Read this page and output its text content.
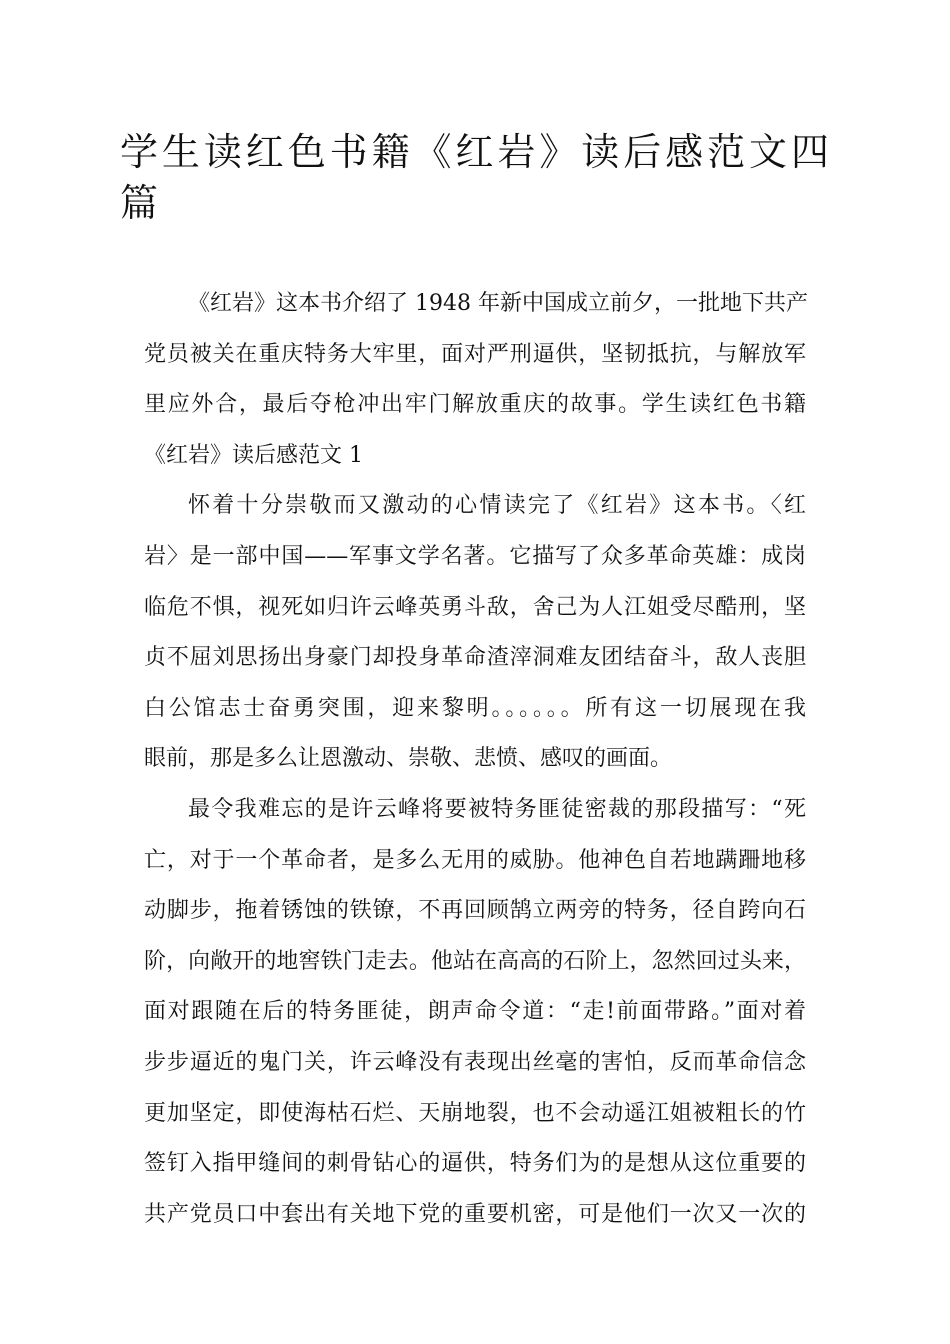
学生读红色书籍《红岩》读后感范文四
篇
《红岩》这本书介绍了 1948 年新中国成立前夕，一批地下共产
党员被关在重庆特务大牢里，面对严刑逼供，坚韧抵抗，与解放军
里应外合，最后夺枪冲出牢门解放重庆的故事。学生读红色书籍
《红岩》读后感范文 1
怀着十分崇敬而又激动的心情读完了《红岩》这本书。〈红
岩〉是一部中国——军事文学名著。它描写了众多革命英雄：成岗
临危不惧，视死如归许云峰英勇斗敌，舍己为人江姐受尽酷刑，坚
贞不屈刘思扬出身豪门却投身革命渣滓洞难友团结奋斗，敌人丧胆
白公馆志士奋勇突围，迎来黎明。。。。。。所有这一切展现在我
眼前，那是多么让恩激动、崇敬、悲愤、感叹的画面。
最令我难忘的是许云峰将要被特务匪徒密裁的那段描写：“死
亡，对于一个革命者，是多么无用的威胁。他神色自若地蹒跚地移
动脚步，拖着锈蚀的铁镣，不再回顾鹄立两旁的特务，径自跨向石
阶，向敞开的地窖铁门走去。他站在高高的石阶上，忽然回过头来，
面对跟随在后的特务匪徒，朗声命令道：“走!前面带路。”面对着
步步逼近的鬼门关，许云峰没有表现出丝毫的害怕，反而革命信念
更加坚定，即使海枯石烂、天崩地裂，也不会动遥江姐被粗长的竹
签钉入指甲缝间的刺骨钻心的逼供，特务们为的是想从这位重要的
共产党员口中套出有关地下党的重要机密，可是他们一次又一次的
